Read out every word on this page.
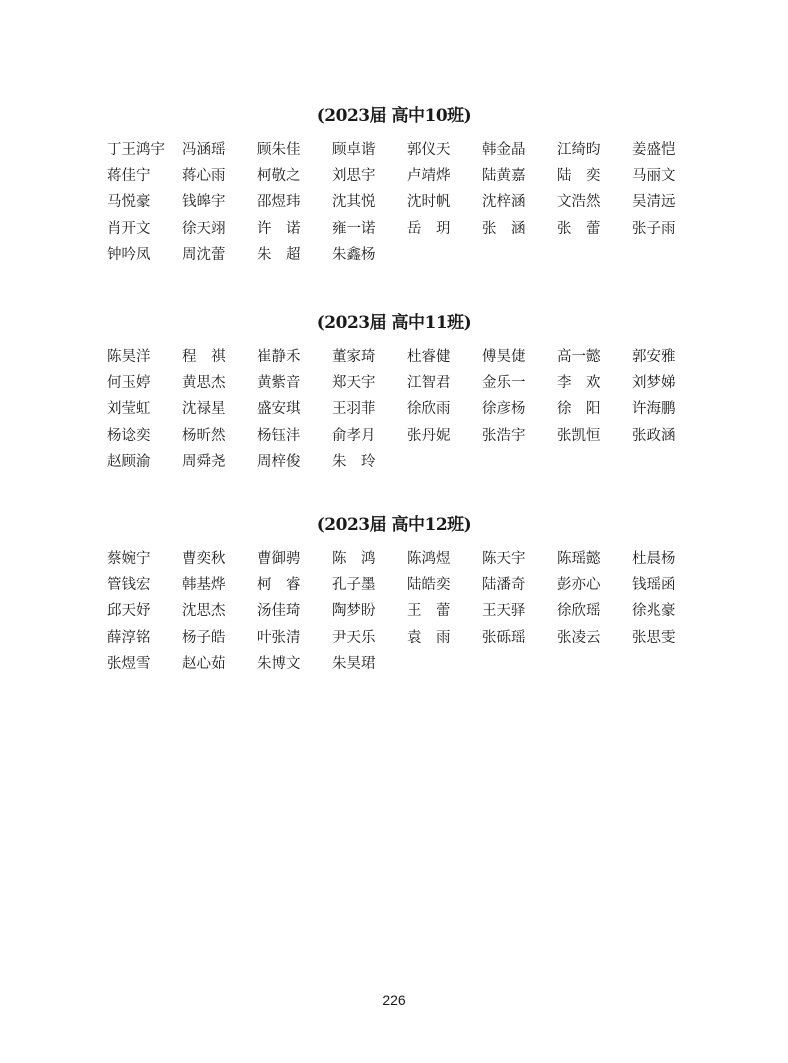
(2023届 高中10班)
丁王鸿宇	冯涵瑶	顾朱佳	顾卓谐	郭仪天	韩金晶	江绮昀	姜盛恺
蒋佳宁	蒋心雨	柯敬之	刘思宇	卢靖烨	陆黄嘉	陆　奕	马丽文
马悦豪	钱皞宇	邵煜玮	沈其悦	沈时帆	沈梓涵	文浩然	吴清远
肖开文	徐天翊	许　诺	雍一诺	岳　玥	张　涵	张　蕾	张子雨
钟吟凤	周沈蕾	朱　超	朱鑫杨
(2023届 高中11班)
陈昊洋	程　祺	崔静禾	董家琦	杜睿健	傅昊倢	高一懿	郭安雅
何玉婷	黄思杰	黄紫音	郑天宇	江智君	金乐一	李　欢	刘梦娣
刘莹虹	沈禄星	盛安琪	王羽菲	徐欣雨	徐彦杨	徐　阳	许海鹏
杨谂奕	杨昕然	杨钰沣	俞孝月	张丹妮	张浩宇	张凯恒	张政涵
赵顾渝	周舜尧	周梓俊	朱　玲
(2023届 高中12班)
蔡婉宁	曹奕秋	曹御骋	陈　鸿	陈鸿煜	陈天宇	陈瑶懿	杜晨杨
管钱宏	韩基烨	柯　睿	孔子墨	陆皓奕	陆潘奇	彭亦心	钱瑶函
邱天妤	沈思杰	汤佳琦	陶梦盼	王　蕾	王天驿	徐欣瑶	徐兆豪
薛淳铭	杨子皓	叶张清	尹天乐	袁　雨	张砾瑶	张凌云	张思雯
张煜雪	赵心茹	朱博文	朱昊珺
226
